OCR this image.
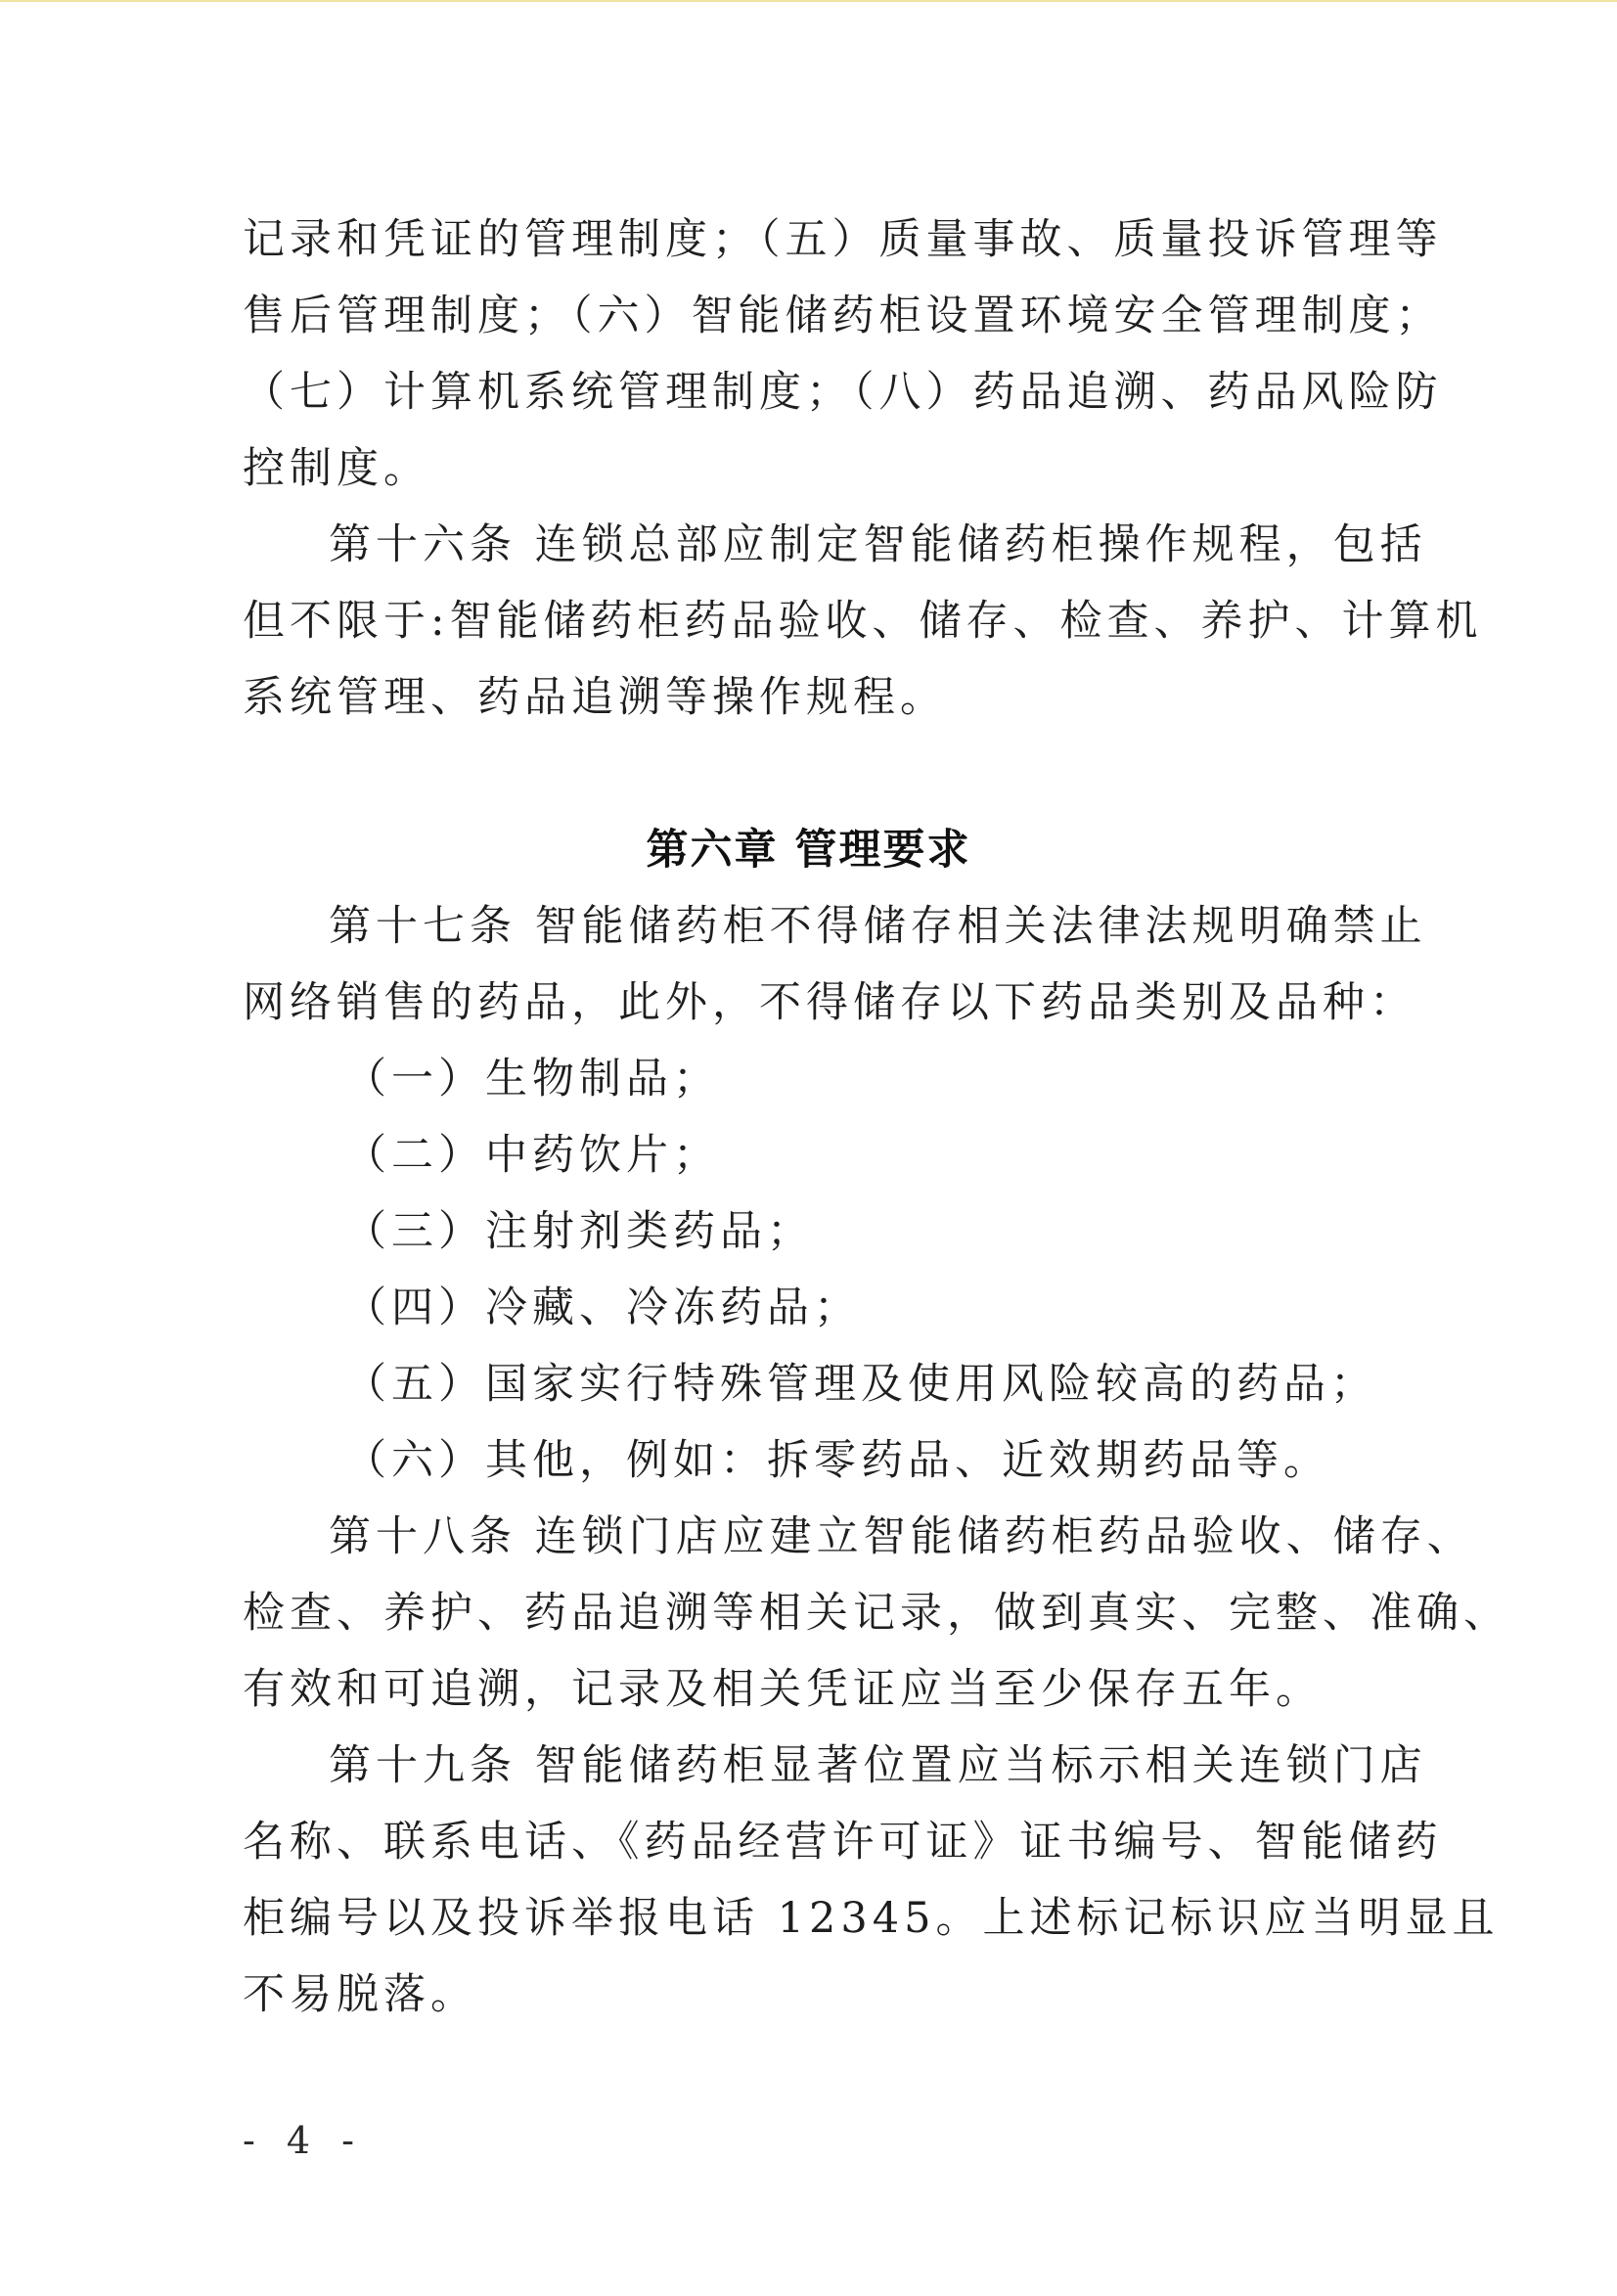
记录和凭证的管理制度；（五）质量事故、质量投诉管理等
售后管理制度；（六）智能储药柜设置环境安全管理制度；
（七）计算机系统管理制度；（八）药品追溯、药品风险防
控制度。
第十六条 连锁总部应制定智能储药柜操作规程，包括
但不限于:智能储药柜药品验收、储存、检查、养护、计算机
系统管理、药品追溯等操作规程。
第六章 管理要求
第十七条 智能储药柜不得储存相关法律法规明确禁止
网络销售的药品，此外，不得储存以下药品类别及品种：
（一）生物制品；
（二）中药饮片；
（三）注射剂类药品；
（四）冷藏、冷冻药品；
（五）国家实行特殊管理及使用风险较高的药品；
（六）其他，例如：拆零药品、近效期药品等。
第十八条 连锁门店应建立智能储药柜药品验收、储存、
检查、养护、药品追溯等相关记录，做到真实、完整、准确、
有效和可追溯，记录及相关凭证应当至少保存五年。
第十九条 智能储药柜显著位置应当标示相关连锁门店
名称、联系电话、《药品经营许可证》证书编号、智能储药
柜编号以及投诉举报电话 12345。上述标记标识应当明显且
不易脱落。
- 4 -
